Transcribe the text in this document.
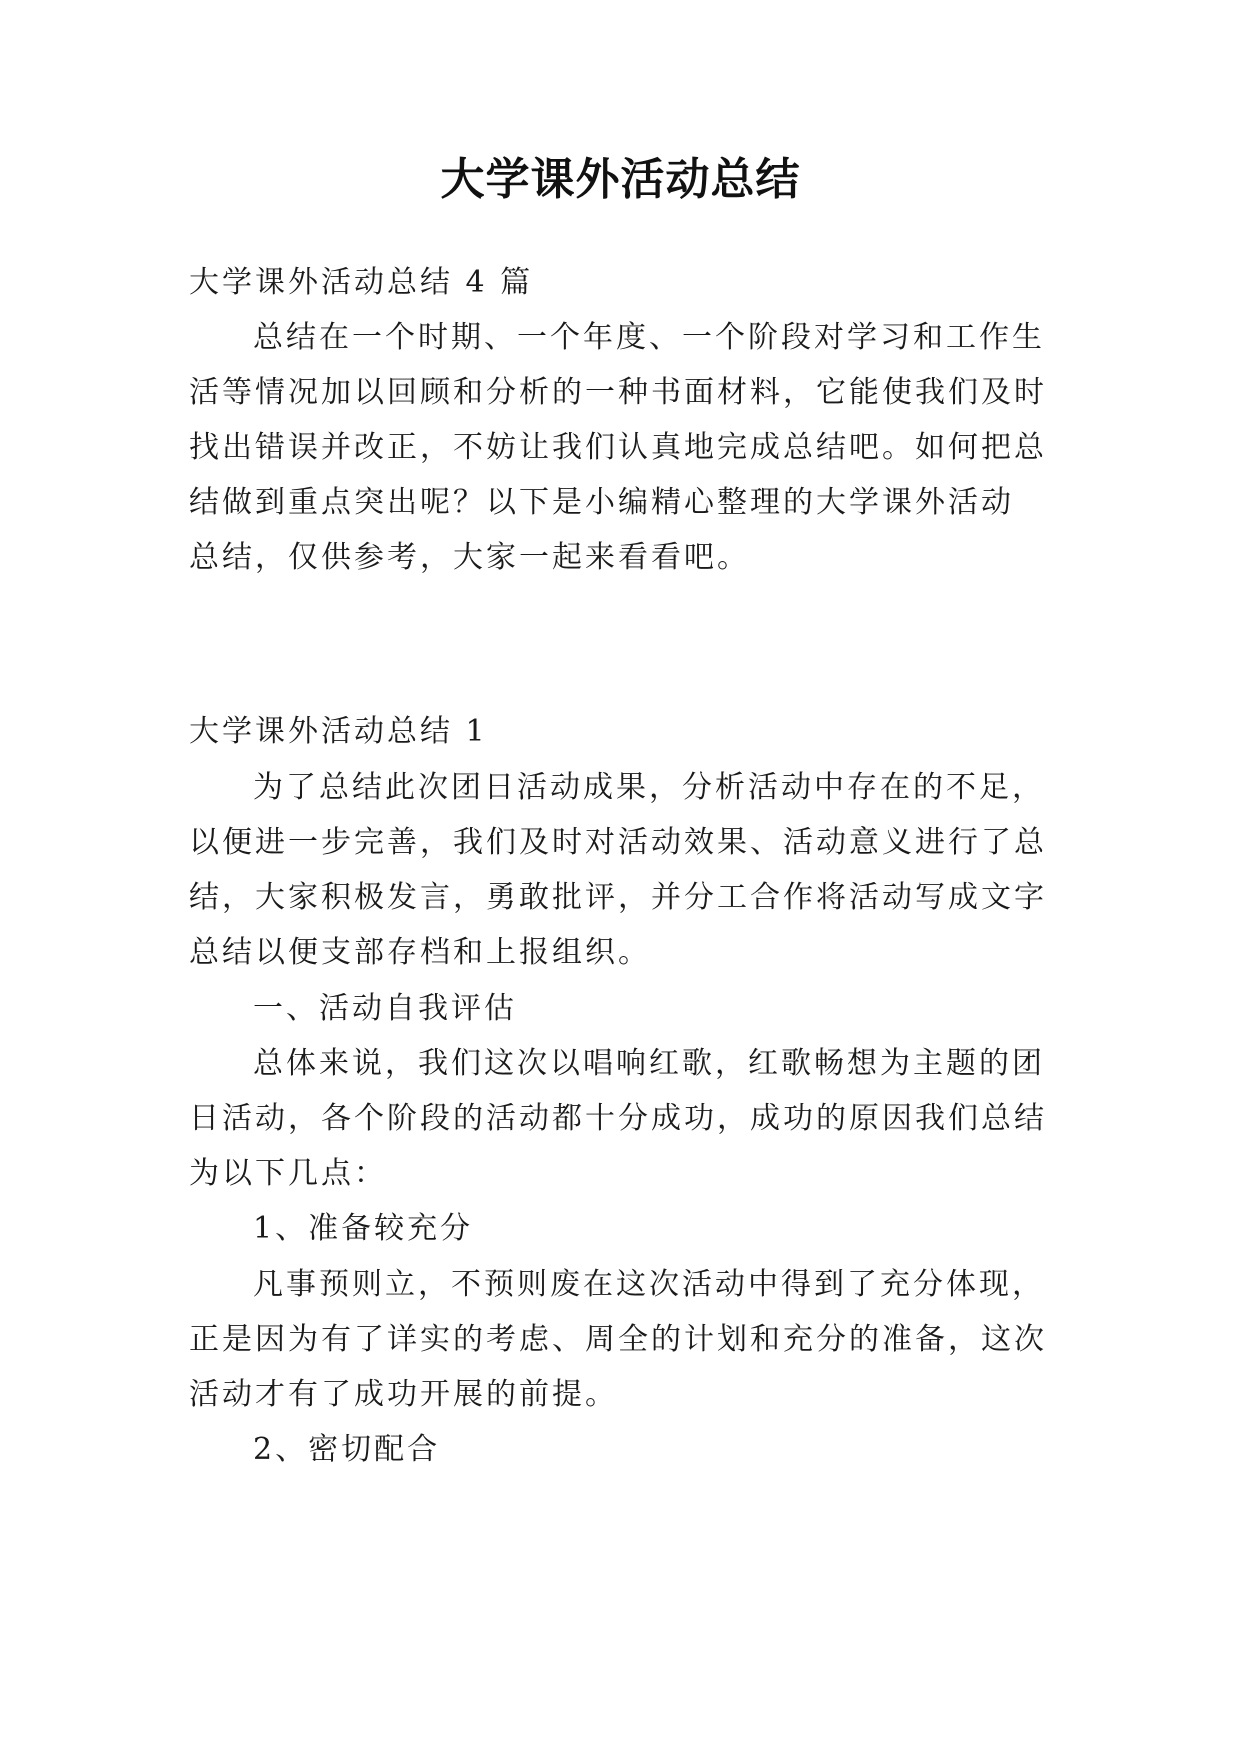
大学课外活动总结
大学课外活动总结 4 篇
总结在一个时期、一个年度、一个阶段对学习和工作生
活等情况加以回顾和分析的一种书面材料，它能使我们及时
找出错误并改正，不妨让我们认真地完成总结吧。如何把总
结做到重点突出呢？以下是小编精心整理的大学课外活动
总结，仅供参考，大家一起来看看吧。
大学课外活动总结 1
为了总结此次团日活动成果，分析活动中存在的不足，
以便进一步完善，我们及时对活动效果、活动意义进行了总
结，大家积极发言，勇敢批评，并分工合作将活动写成文字
总结以便支部存档和上报组织。
一、活动自我评估
总体来说，我们这次以唱响红歌，红歌畅想为主题的团
日活动，各个阶段的活动都十分成功，成功的原因我们总结
为以下几点：
1、准备较充分
凡事预则立，不预则废在这次活动中得到了充分体现，
正是因为有了详实的考虑、周全的计划和充分的准备，这次
活动才有了成功开展的前提。
2、密切配合
